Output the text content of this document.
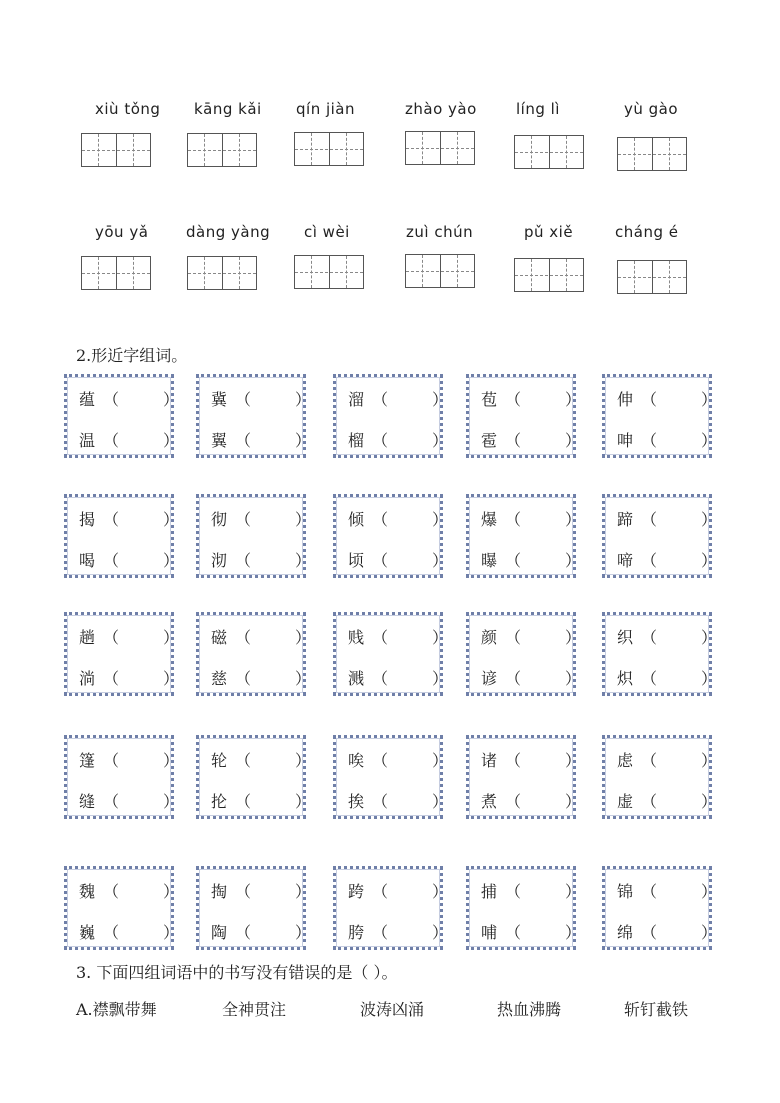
xiù tǒng kāng kǎi qín jiàn	zhào yào	líng lì	yù gào
yōu yǎ	dàng yàng cì wèi	zuì chún	pǔ xiě	cháng é
2.形近字组词。
蕴 （	）
温 （	）
冀 （	）
翼 （	）
溜 （	）
榴 （	）
苞 （	）
雹 （	）
伸 （	）
呻 （	）
揭 （	）
喝 （	）
彻 （	）
沏 （	）
倾 （	）
顷 （	）
爆 （	）
曝 （	）
蹄 （	）
啼 （	）
趟 （	）
淌 （	）
磁 （	）
慈 （	）
贱 （	）
溅 （	）
颜 （	）
谚 （	）
织 （	）
炽 （	）
篷 （	）
缝 （	）
轮 （	）
抡 （	）
唉 （	）
挨 （	）
诸 （	）
煮 （	）
虑 （	）
虚 （	）
魏 （	）
巍 （	）
掏 （	）
陶 （	）
跨 （	）
胯 （	）
捕 （	）
哺 （	）
锦 （	）
绵 （	）
3. 下面四组词语中的书写没有错误的是（ ）。
A.襟飘带舞	全神贯注	波涛凶涌	热血沸腾	斩钉截铁
